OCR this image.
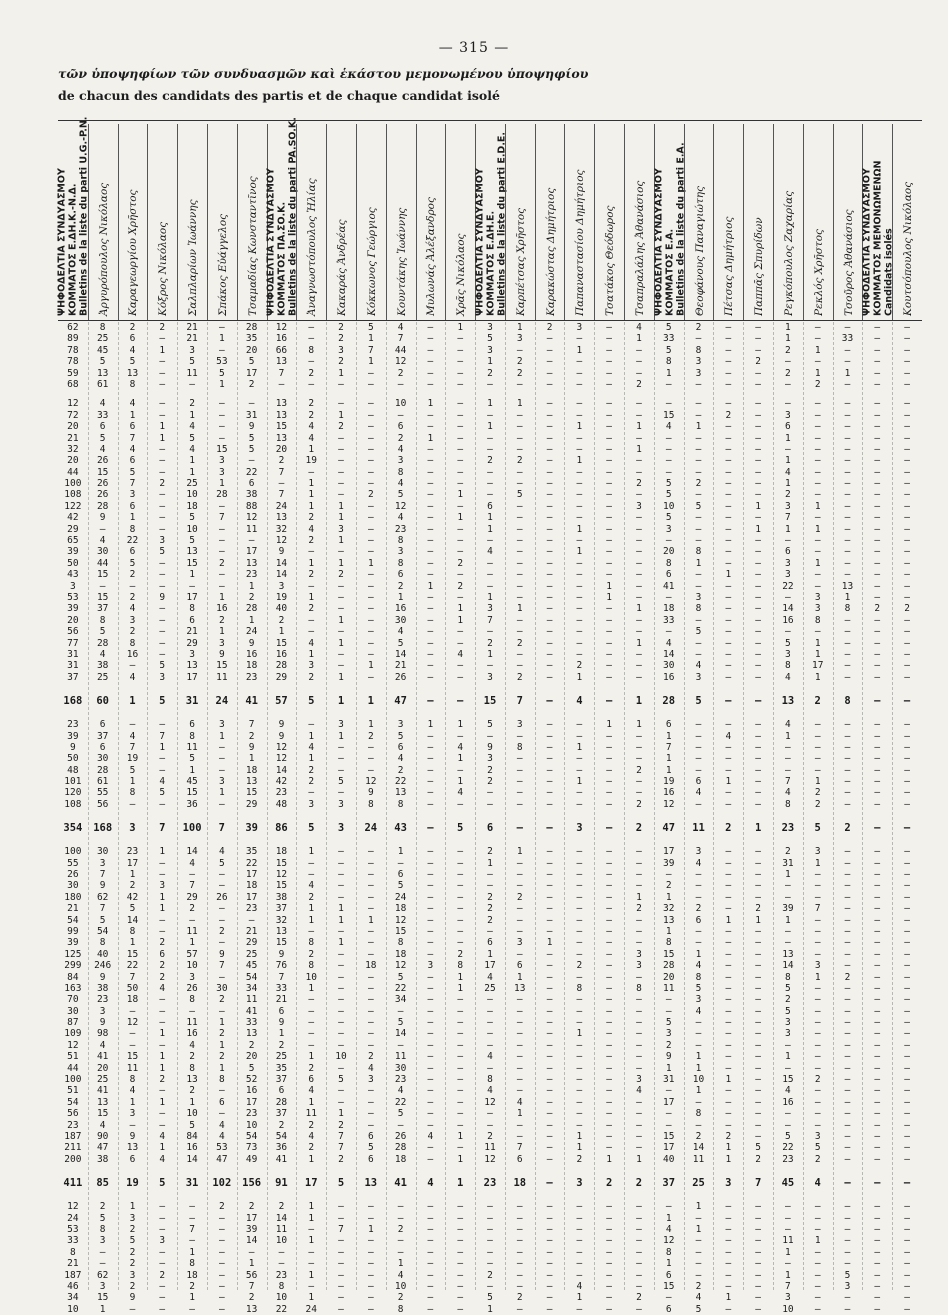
— 315 —
τῶν ὑποψηφίων τῶν συνδυασμῶν καὶ ἑκάστου μεμονωμένου ὑποψηφίου
de chacun des candidats des partis et de chaque candidat isolé
ΨΗΦΟΔΕΛΤΙΑ ΣΥΝΔΥΑΣΜΟΥ
ΚΟΜΜΑΤΟΣ Ε.ΔΗ.Κ.-Ν.Δ.
Bulletins de la liste du parti U.G.-P.N.
Ἀργυρόπουλος Νικόλαος Καραγεωργίου Χρῆστος Κόξρος Νικόλαος Σαλπλαρίων Ἰωάννης Σπάκος Εὐάγγελος Τσαμαδίας Κωνσταντῖνος ΨΗΦΟΔΕΛΤΙΑ ΣΥΝΔΥΑΣΜΟΥ
ΚΟΜΜΑΤΟΣ ΠΑ.ΣΟ.Κ.
Bulletins de la liste du parti PA.SO.K.
Ἀναγνωστόπουλος Ἠλίας Κακαράς Ἀνδρέας Κόκκωνος Γεώργιος Κουντάκης Ἰωάννης Μυλωνάς Ἀλέξανδρος Χρᾶς Νικόλαος ΨΗΦΟΔΕΛΤΙΑ ΣΥΝΔΥΑΣΜΟΥ
ΚΟΜΜΑΤΟΣ Ε.ΔΗ.Ε.
Bulletins de la liste du parti E.D.E.
Καρπέτσας Χρῆστος Καρακώστας Δημήτριος Παπαναστασίου Δημήτριος Τσατάκος Θεόδωρος Τσαπραλάλης Ἀθανάσιος ΨΗΦΟΔΕΛΤΙΑ ΣΥΝΔΥΑΣΜΟΥ
ΚΟΜΜΑΤΟΣ Ε.Α.
Bulletins de la liste du parti E.A.
Θεοφάνους Παναγιώτης Πέτσας Δημήτριος Παππᾶς Σπυρίδων Ρεγκόπουλος Ζαχαρίας Ρεκλός Χρῆστος Τσοῦρος Ἀθανάσιος ΨΗΦΟΔΕΛΤΙΑ ΣΥΝΔΥΑΣΜΟΥ
ΚΟΜΜΑΤΟΣ ΜΕΜΟΝΩΜΕΝΩΝ
Candidats isolés Κουτσόπουλος Νικόλαος
62	8	2	2	21	—	28	12	—	2	5	4	—	1	3	1	2	3	—	4	5	2	—	—	1	—	—	—	—
89	25	6	—	21	1	35	16	—	2	1	7	—	—	5	3	—	—	—	1	33	—	—	—	1	—	33	—	—
78	45	4	1	3	—	20	66	8	3	7	44	—	—	3	—	—	1	—	—	5	8	—	—	2	1	—	—	—
78	5	5	—	5	53	5	13	—	2	1	12	—	—	1	2	—	—	—	—	8	3	—	2	—	—	—	—	—
59	13	13	—	11	5	17	7	2	1	—	2	—	—	2	2	—	—	—	—	1	3	—	—	2	1	1	—	—
68	61	8	—	—	1	2	—	—	—	—	—	—	—	—	—	—	—	—	2	—	—	—	—	—	2	—	—	—
12	4	4	—	2	—	—	13	2	—	—	10	1	—	1	1	—	—	—	—	—	—	—	—	—	—	—	—	—
72	33	1	—	1	—	31	13	2	1	—	—	—	—	—	—	—	—	—	—	15	—	2	—	3	—	—	—	—
20	6	6	1	4	—	9	15	4	2	—	6	—	—	1	—	—	1	—	1	4	1	—	—	6	—	—	—	—
21	5	7	1	5	—	5	13	4	—	—	2	1	—	—	—	—	—	—	—	—	—	—	—	1	—	—	—	—
32	4	4	—	4	15	5	20	1	—	—	4	—	—	—	—	—	—	—	1	—	—	—	—	—	—	—	—	—
20	26	6	—	1	3	—	2	19	—	—	3	—	—	2	2	—	1	—	—	—	—	—	—	1	—	—	—	—
44	15	5	—	1	3	22	7	—	—	—	8	—	—	—	—	—	—	—	—	—	—	—	—	4	—	—	—	—
100	26	7	2	25	1	6	—	1	—	—	4	—	—	—	—	—	—	—	2	5	2	—	—	1	—	—	—	—
108	26	3	—	10	28	38	7	1	—	2	5	—	1	—	5	—	—	—	—	5	—	—	—	2	—	—	—	—
122	28	6	—	18	—	88	24	1	1	—	12	—	—	6	—	—	—	—	3	10	5	—	1	3	1	—	—	—
42	9	1	—	5	7	12	13	2	1	—	4	—	1	1	—	—	—	—	—	5	—	—	—	7	—	—	—	—
29	—	8	—	10	—	11	32	4	3	—	23	—	—	1	—	—	1	—	—	3	—	—	1	1	1	—	—	—
65	4	22	3	5	—	—	12	2	1	—	8	—	—	—	—	—	—	—	—	—	—	—	—	—	—	—	—	—
39	30	6	5	13	—	17	9	—	—	—	3	—	—	4	—	—	1	—	—	20	8	—	—	6	—	—	—	—
50	44	5	—	15	2	13	14	1	1	1	8	—	2	—	—	—	—	—	—	8	1	—	—	3	1	—	—	—
43	15	2	—	1	—	23	14	2	2	—	6	—	—	—	—	—	—	—	—	6	—	1	—	3	—	—	—	—
3	—	—	—	—	—	1	3	—	—	—	2	1	2	—	—	—	—	1	—	41	—	—	—	22	—	13	—	—
53	15	2	9	17	1	2	19	1	—	—	1	—	—	1	—	—	—	1	—	—	3	—	—	—	3	1	—	—
39	37	4	—	8	16	28	40	2	—	—	16	—	1	3	1	—	—	—	1	18	8	—	—	14	3	8	2	2
20	8	3	—	6	2	1	2	—	1	—	30	—	1	7	—	—	—	—	—	33	—	—	—	16	8	—	—	—
56	5	2	—	21	1	24	1	—	—	—	4	—	—	—	—	—	—	—	—	—	5	—	—	—	—	—	—	—
77	28	8	—	29	3	9	15	4	1	—	5	—	—	2	2	—	—	—	1	4	—	—	—	5	1	—	—	—
31	4	16	—	3	9	16	16	1	—	—	14	—	4	1	—	—	—	—	—	14	—	—	—	3	1	—	—	—
31	38	—	5	13	15	18	28	3	—	1	21	—	—	—	—	—	2	—	—	30	4	—	—	8	17	—	—	—
37	25	4	3	17	11	23	29	2	1	—	26	—	—	3	2	—	1	—	—	16	3	—	—	4	1	—	—	—
168	60	1	5	31	24	41	57	5	1	1	47	—	—	15	7	—	4	—	1	28	5	—	—	13	2	8	—	—
23	6	—	—	6	3	7	9	—	3	1	3	1	1	5	3	—	—	1	1	6	—	—	—	4	—	—	—	—
39	37	4	7	8	1	2	9	1	1	2	5	—	—	—	—	—	—	—	—	1	—	4	—	1	—	—	—	—
9	6	7	1	11	—	9	12	4	—	—	6	—	4	9	8	—	1	—	—	7	—	—	—	—	—	—	—	—
50	30	19	—	5	—	1	12	1	—	—	4	—	1	3	—	—	—	—	—	1	—	—	—	—	—	—	—	—
48	28	5	—	1	—	18	14	2	—	—	2	—	—	2	—	—	—	—	2	1	—	—	—	—	—	—	—	—
101	61	1	4	45	3	13	42	2	5	12	22	—	1	2	—	—	1	—	—	19	6	1	—	7	1	—	—	—
120	55	8	5	15	1	15	23	—	—	9	13	—	4	—	—	—	—	—	—	16	4	—	—	4	2	—	—	—
108	56	—	—	36	—	29	48	3	3	8	8	—	—	—	—	—	—	—	2	12	—	—	—	8	2	—	—	—
354	168	3	7	100	7	39	86	5	3	24	43	—	5	6	—	—	3	—	2	47	11	2	1	23	5	2	—	—
100	30	23	1	14	4	35	18	1	—	—	1	—	—	2	1	—	—	—	—	17	3	—	—	2	3	—	—	—
55	3	17	—	4	5	22	15	—	—	—	—	—	—	1	—	—	—	—	—	39	4	—	—	31	1	—	—	—
26	7	1	—	—	—	17	12	—	—	—	6	—	—	—	—	—	—	—	—	—	—	—	—	1	—	—	—	—
30	9	2	3	7	—	18	15	4	—	—	5	—	—	—	—	—	—	—	—	2	—	—	—	—	—	—	—	—
180	62	42	1	29	26	17	38	2	—	—	24	—	—	2	2	—	—	—	1	1	—	—	—	—	—	—	—	—
21	7	5	1	2	—	23	37	1	1	—	18	—	—	2	—	—	—	—	2	32	2	—	2	39	7	—	—	—
54	5	14	—	—	—	—	32	1	1	1	12	—	—	2	—	—	—	—	—	13	6	1	1	1	—	—	—	—
99	54	8	—	11	2	21	13	—	—	—	15	—	—	—	—	—	—	—	—	1	—	—	—	—	—	—	—	—
39	8	1	2	1	—	29	15	8	1	—	8	—	—	6	3	1	—	—	—	8	—	—	—	—	—	—	—	—
125	40	15	6	57	9	25	9	2	—	—	18	—	2	1	—	—	—	—	3	15	1	—	—	13	—	—	—	—
299	246	22	2	10	7	45	76	8	—	18	12	3	8	17	6	—	2	—	3	28	4	—	—	14	3	—	—	—
84	9	7	2	3	—	54	7	10	—	—	5	—	1	4	1	—	—	—	—	20	8	—	—	8	1	2	—	—
163	38	50	4	26	30	34	33	1	—	—	22	—	1	25	13	—	8	—	8	11	5	—	—	5	—	—	—	—
70	23	18	—	8	2	11	21	—	—	—	34	—	—	—	—	—	—	—	—	—	3	—	—	2	—	—	—	—
30	3	—	—	—	—	41	6	—	—	—	—	—	—	—	—	—	—	—	—	—	4	—	—	5	—	—	—	—
87	9	12	—	11	1	33	9	—	—	—	5	—	—	—	—	—	—	—	—	5	—	—	—	3	—	—	—	—
109	98	—	1	16	2	13	1	—	—	—	14	—	—	—	—	—	1	—	—	3	—	—	—	3	—	—	—	—
12	4	—	—	4	1	2	2	—	—	—	—	—	—	—	—	—	—	—	—	2	—	—	—	—	—	—	—	—
51	41	15	1	2	2	20	25	1	10	2	11	—	—	4	—	—	—	—	—	9	1	—	—	1	—	—	—	—
44	20	11	1	8	1	5	35	2	—	4	30	—	—	—	—	—	—	—	—	1	1	—	—	—	—	—	—	—
100	25	8	2	13	8	52	37	6	5	3	23	—	—	8	—	—	—	—	3	31	10	1	—	15	2	—	—	—
51	41	4	—	2	—	16	6	4	—	—	4	—	—	4	—	—	—	—	4	—	1	—	—	4	—	—	—	—
54	13	1	1	1	6	17	28	1	—	—	22	—	—	12	4	—	—	—	—	17	—	—	—	16	—	—	—	—
56	15	3	—	10	—	23	37	11	1	—	5	—	—	—	1	—	—	—	—	—	8	—	—	—	—	—	—	—
23	4	—	—	5	4	10	2	2	2	—	—	—	—	—	—	—	—	—	—	—	—	—	—	—	—	—	—	—
187	90	9	4	84	4	54	54	4	7	6	26	4	1	2	—	—	1	—	—	15	2	2	—	5	3	—	—	—
211	47	13	1	16	53	73	36	2	7	5	28	—	—	11	7	—	1	—	—	17	14	1	5	22	5	—	—	—
200	38	6	4	14	47	49	41	1	2	6	18	—	1	12	6	—	2	1	1	40	11	1	2	23	2	—	—	—
411	85	19	5	31	102	156	91	17	5	13	41	4	1	23	18	—	3	2	2	37	25	3	7	45	4	—	—	—
12	2	1	—	—	2	2	2	1	—	—	—	—	—	—	—	—	—	—	—	—	1	—	—	—	—	—	—	—
24	5	3	—	—	—	17	14	1	—	—	—	—	—	—	—	—	—	—	—	1	—	—	—	—	—	—	—	—
53	8	2	—	7	—	39	11	—	7	1	2	—	—	—	—	—	—	—	—	4	1	—	—	—	—	—	—	—
33	3	5	3	—	—	14	10	1	—	—	—	—	—	—	—	—	—	—	—	12	—	—	—	11	1	—	—	—
8	—	2	—	1	—	—	—	—	—	—	—	—	—	—	—	—	—	—	—	8	—	—	—	1	—	—	—	—
21	—	2	—	8	—	1	—	—	—	—	1	—	—	—	—	—	—	—	—	1	—	—	—	—	—	—	—	—
187	62	3	2	18	—	56	23	1	—	—	4	—	—	2	—	—	—	—	—	6	—	—	—	1	—	5	—	—
46	3	2	—	2	—	7	8	—	—	—	10	—	—	—	—	—	4	—	—	15	2	—	—	7	—	3	—	—
34	15	9	—	1	—	2	10	1	—	—	2	—	—	5	2	—	1	—	2	—	4	1	—	3	—	—	—	—
10	1	—	—	—	—	13	22	24	—	—	8	—	—	1	—	—	—	—	—	6	5	—	—	10	—	—	—	—
